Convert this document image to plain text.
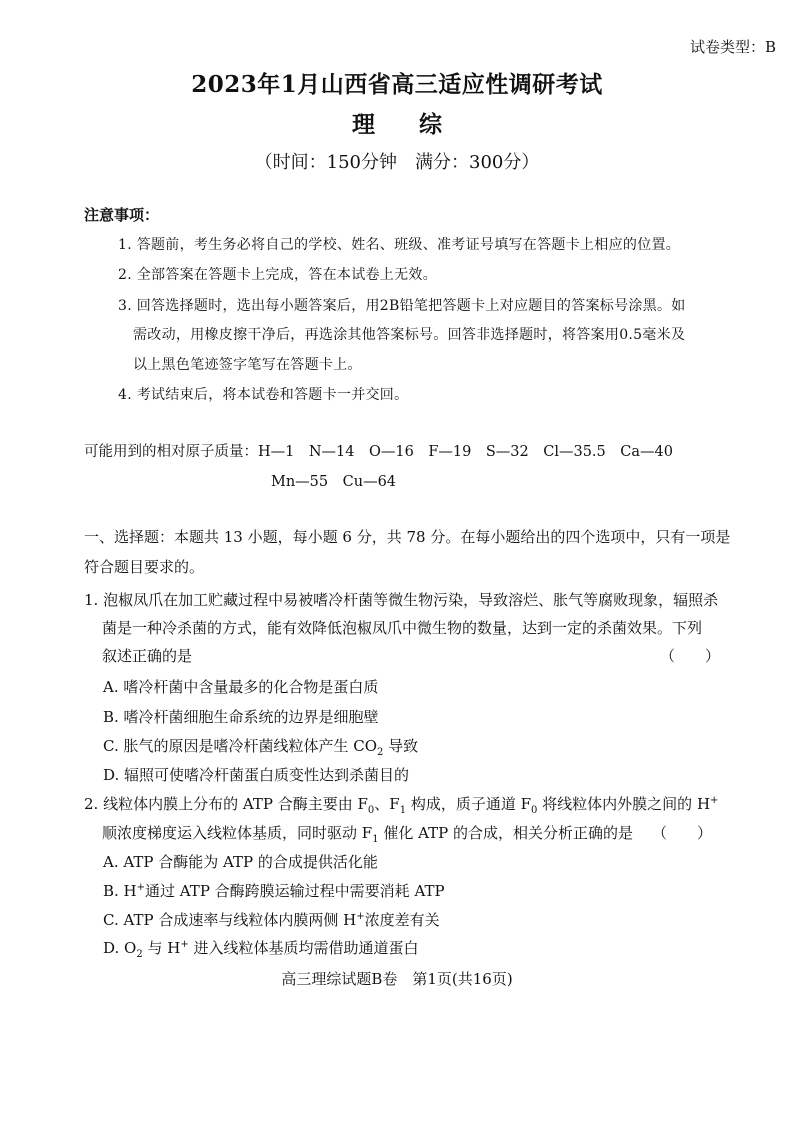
试卷类型：B
2023年1月山西省高三适应性调研考试
理 综
（时间：150分钟　满分：300分）
注意事项：
1. 答题前，考生务必将自己的学校、姓名、班级、准考证号填写在答题卡上相应的位置。
2. 全部答案在答题卡上完成，答在本试卷上无效。
3. 回答选择题时，选出每小题答案后，用2B铅笔把答题卡上对应题目的答案标号涂黑。如
需改动，用橡皮擦干净后，再选涂其他答案标号。回答非选择题时，将答案用0.5毫米及
以上黑色笔迹签字笔写在答题卡上。
4. 考试结束后，将本试卷和答题卡一并交回。
可能用到的相对原子质量：H—1　N—14　O—16　F—19　S—32　Cl—35.5　Ca—40
Mn—55　Cu—64
一、选择题：本题共 13 小题，每小题 6 分，共 78 分。在每小题给出的四个选项中，只有一项是
符合题目要求的。
1. 泡椒凤爪在加工贮藏过程中易被嗜冷杆菌等微生物污染，导致溶烂、胀气等腐败现象，辐照杀
菌是一种冷杀菌的方式，能有效降低泡椒凤爪中微生物的数量，达到一定的杀菌效果。下列
叙述正确的是	（　　）
A. 嗜冷杆菌中含量最多的化合物是蛋白质
B. 嗜冷杆菌细胞生命系统的边界是细胞壁
C. 胀气的原因是嗜冷杆菌线粒体产生 $CO_2$ 导致
D. 辐照可使嗜冷杆菌蛋白质变性达到杀菌目的
2. 线粒体内膜上分布的 ATP 合酶主要由 $F_0$、$F_1$ 构成，质子通道 $F_0$ 将线粒体内外膜之间的 H+
顺浓度梯度运入线粒体基质，同时驱动 $F_1$ 催化 ATP 的合成，相关分析正确的是 （　　）
A. ATP 合酶能为 ATP 的合成提供活化能
B. H+通过 ATP 合酶跨膜运输过程中需要消耗 ATP
C. ATP 合成速率与线粒体内膜两侧 H+浓度差有关
D. $O_2$ 与 H+ 进入线粒体基质均需借助通道蛋白
高三理综试题B卷　第1页(共16页)
